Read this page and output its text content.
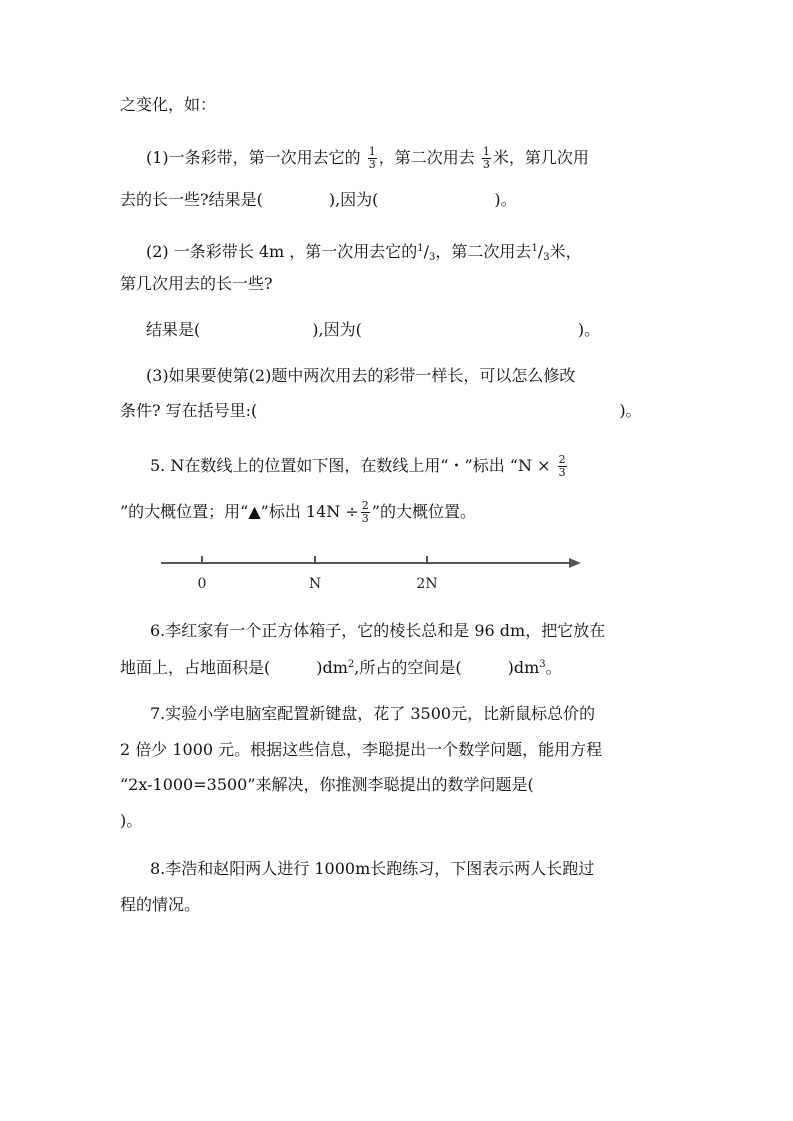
之变化，如：
(1)一条彩带，第一次用去它的 $\frac{1}{3}$ ，第二次用去 $\frac{1}{3}$ 米，第几次用
去的长一些?结果是(	),因为(	)。
(2) 一条彩带长 4m ，第一次用去它的$^1/_3$，第二次用去$^1/_3$米，
第几次用去的长一些?
结果是(	),因为(	)。
(3)如果要使第(2)题中两次用去的彩带一样长，可以怎么修改
条件? 写在括号里:(	)。
5. N在数线上的位置如下图，在数线上用“・”标出 “$N \times \frac{2}{3}$
”的大概位置；用“▲”标出 $14N \div \frac{2}{3}$ ”的大概位置。
0	N	2N
6.李红家有一个正方体箱子，它的棱长总和是 96 dm，把它放在
地面上，占地面积是(	)$dm^2$,所占的空间是(	)$dm^3$。
7.实验小学电脑室配置新键盘，花了 3500元，比新鼠标总价的
2 倍少 1000 元。根据这些信息，李聪提出一个数学问题，能用方程
“2x-1000=3500”来解决，你推测李聪提出的数学问题是(
)。
8.李浩和赵阳两人进行 1000m长跑练习，下图表示两人长跑过
程的情况。
